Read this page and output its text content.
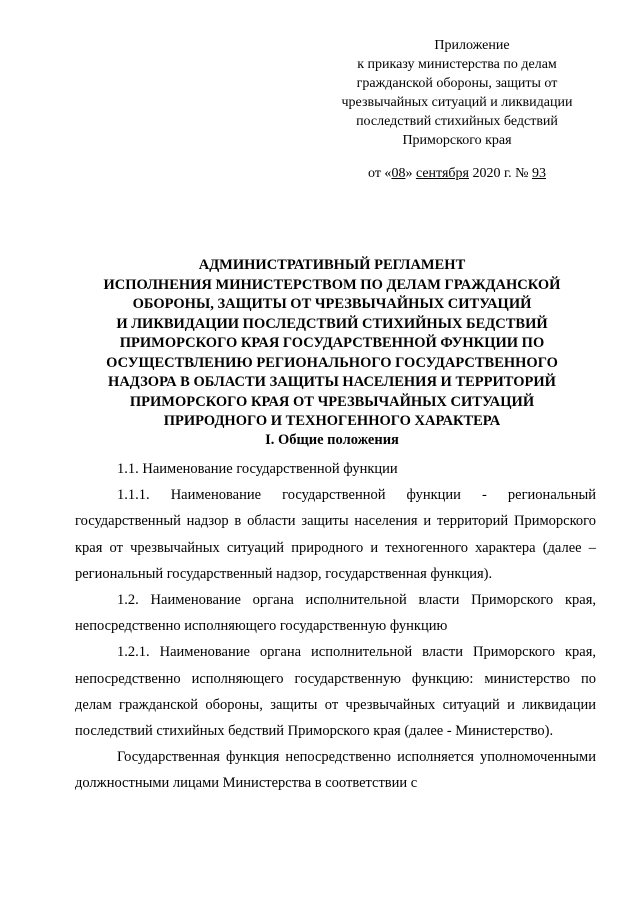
Приложение
к приказу министерства по делам
гражданской обороны, защиты от
чрезвычайных ситуаций и ликвидации
последствий стихийных бедствий
Приморского края
от «08» сентября 2020 г. № 93
АДМИНИСТРАТИВНЫЙ РЕГЛАМЕНТ
ИСПОЛНЕНИЯ МИНИСТЕРСТВОМ ПО ДЕЛАМ ГРАЖДАНСКОЙ
ОБОРОНЫ, ЗАЩИТЫ ОТ ЧРЕЗВЫЧАЙНЫХ СИТУАЦИЙ
И ЛИКВИДАЦИИ ПОСЛЕДСТВИЙ СТИХИЙНЫХ БЕДСТВИЙ
ПРИМОРСКОГО КРАЯ ГОСУДАРСТВЕННОЙ ФУНКЦИИ ПО
ОСУЩЕСТВЛЕНИЮ РЕГИОНАЛЬНОГО ГОСУДАРСТВЕННОГО
НАДЗОРА В ОБЛАСТИ ЗАЩИТЫ НАСЕЛЕНИЯ И ТЕРРИТОРИЙ
ПРИМОРСКОГО КРАЯ ОТ ЧРЕЗВЫЧАЙНЫХ СИТУАЦИЙ
ПРИРОДНОГО И ТЕХНОГЕННОГО ХАРАКТЕРА
I. Общие положения

1.1. Наименование государственной функции

1.1.1. Наименование государственной функции - региональный государственный надзор в области защиты населения и территорий Приморского края от чрезвычайных ситуаций природного и техногенного характера (далее – региональный государственный надзор, государственная функция).

1.2. Наименование органа исполнительной власти Приморского края, непосредственно исполняющего государственную функцию

1.2.1. Наименование органа исполнительной власти Приморского края, непосредственно исполняющего государственную функцию: министерство по делам гражданской обороны, защиты от чрезвычайных ситуаций и ликвидации последствий стихийных бедствий Приморского края (далее - Министерство).

Государственная функция непосредственно исполняется уполномоченными должностными лицами Министерства в соответствии с
